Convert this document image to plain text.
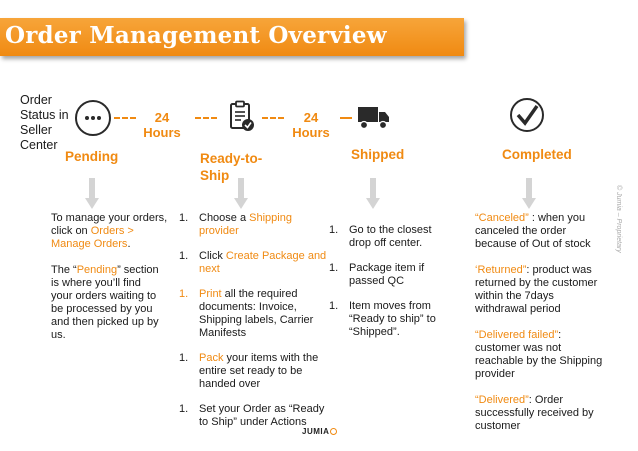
Order Management Overview
Order
Status in
Seller
Center
Pending
24
Hours
Ready-to-
Ship
24
Hours
Shipped	Completed

To manage your orders,

click on Orders >

Manage Orders.

The “Pending” section

is where you’ll find

your orders waiting to

be processed by you

and then picked up by

us.

1. Choose a Shipping

provider

1. Click Create Package and

next

1. Print all the required

documents: Invoice,

Shipping labels, Carrier

Manifests

1. Pack your items with the

entire set ready to be

handed over

1. Set your Order as “Ready

to Ship” under Actions

1. Go to the closest

drop off center.

1. Package item if

passed QC

1. Item moves from

“Ready to ship” to

“Shipped”.

“Canceled” : when you

canceled the order

because of Out of stock

‘Returned”: product was

returned by the customer

within the 7days

withdrawal period

“Delivered failed”:

customer was not

reachable by the Shipping

provider

“Delivered”: Order

successfully received by

customer

© Jumia – Proprietary
JUMIA
